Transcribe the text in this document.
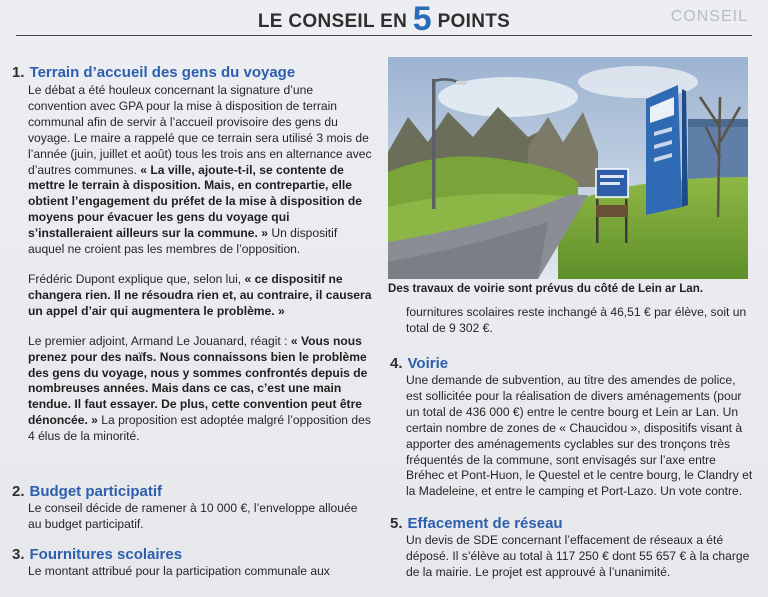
CONSEIL
LE CONSEIL EN 5 POINTS
1. Terrain d’accueil des gens du voyage

Le débat a été houleux concernant la signature d’une convention avec GPA pour la mise à disposition de terrain communal afin de servir à l’accueil provisoire des gens du voyage. Le maire a rappelé que ce terrain sera utilisé 3 mois de l’année (juin, juillet et août) tous les trois ans en alternance avec d’autres communes. « La ville, ajoute-t-il, se contente de mettre le terrain à disposition. Mais, en contrepartie, elle obtient l’engagement du préfet de la mise à disposition de moyens pour évacuer les gens du voyage qui s’installeraient ailleurs sur la commune. » Un dispositif auquel ne croient pas les membres de l’opposition.

Frédéric Dupont explique que, selon lui, « ce dispositif ne changera rien. Il ne résoudra rien et, au contraire, il causera un appel d’air qui augmentera le problème. »

Le premier adjoint, Armand Le Jouanard, réagit : « Vous nous prenez pour des naïfs. Nous connaissons bien le problème des gens du voyage, nous y sommes confrontés depuis de nombreuses années. Mais dans ce cas, c’est une main tendue. Il faut essayer. De plus, cette convention peut être dénoncée. » La proposition est adoptée malgré l’opposition des 4 élus de la minorité.

2. Budget participatif

Le conseil décide de ramener à 10 000 €, l’enveloppe allouée au budget participatif.

3. Fournitures scolaires

Le montant attribué pour la participation communale aux

Des travaux de voirie sont prévus du côté de Lein ar Lan.

fournitures scolaires reste inchangé à 46,51 € par élève, soit un total de 9 302 €.

4. Voirie

Une demande de subvention, au titre des amendes de police, est sollicitée pour la réalisation de divers aménagements (pour un total de 436 000 €) entre le centre bourg et Lein ar Lan. Un certain nombre de zones de « Chaucidou », dispositifs visant à apporter des aménagements cyclables sur des tronçons très fréquentés de la commune, sont envisagés sur l’axe entre Bréhec et Pont-Huon, le Questel et le centre bourg, le Clandry et la Madeleine, et entre le camping et Port-Lazo. Un vote contre.

5. Effacement de réseau

Un devis de SDE concernant l’effacement de réseaux a été déposé. Il s’élève au total à 117 250 € dont 55 657 € à la charge de la mairie. Le projet est approuvé à l’unanimité.
